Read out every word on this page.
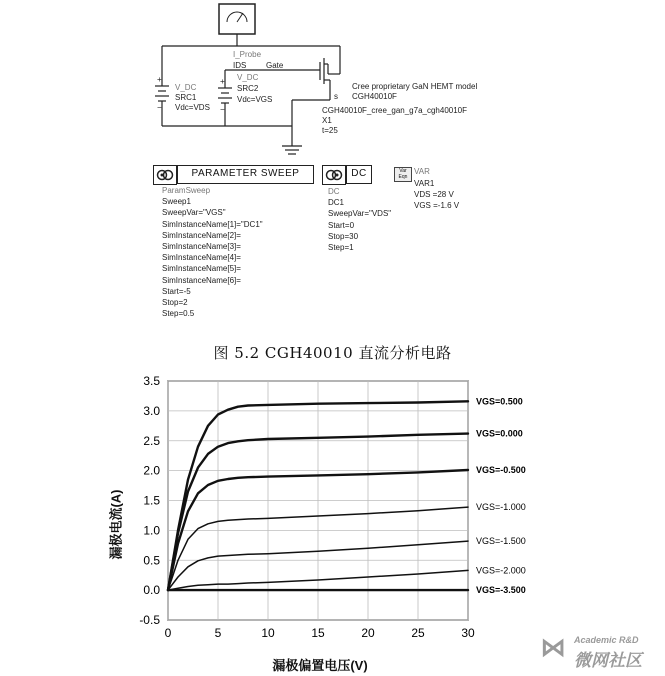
+
−
+
−
I_Probe
IDS Gate
V_DC
SRC1
Vdc=VDS
V_DC
SRC2
Vdc=VGS	s
Cree proprietary GaN HEMT model
CGH40010F
CGH40010F_cree_gan_g7a_cgh40010F
X1
t=25
PARAMETER SWEEP
ParamSweep
Sweep1
SweepVar="VGS"
SimInstanceName[1]="DC1"
SimInstanceName[2]=
SimInstanceName[3]=
SimInstanceName[4]=
SimInstanceName[5]=
SimInstanceName[6]=
Start=-5
Stop=2
Step=0.5
DC
DC
DC1
SweepVar="VDS"
Start=0
Stop=30
Step=1
Var
Eqn
VAR
VAR1
VDS =28 V
VGS =-1.6 V
图 5.2 CGH40010 直流分析电路
-0.5
0.0
0.5
1.0
1.5
2.0
2.5
3.0
3.5
0	5	10	15	20	25	30
VGS=0.500
VGS=0.000
VGS=-0.500
VGS=-1.000
VGS=-1.500
VGS=-2.000
VGS=-3.500
漏极电流(A)
漏极偏置电压(V)
⋈ Academic R&D
微网社区
